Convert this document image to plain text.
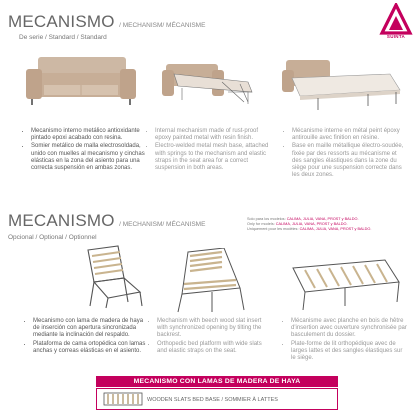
SUINTA
MECANISMO / MECHANISM/ MÉCANISME
De serie / Standard / Standard
• Mecanismo interno metálico antioxidante pintado epoxi acabado con resina.
• Somier metálico de malla electrosoldada, unido con muelles al mecanismo y cinchas elásticas en la zona del asiento para una correcta suspensión en ambas zonas.
• Internal mechanism made of rust-proof epoxy painted metal with resin finish.
• Electro-welded metal mesh base, attached with springs to the mechanism and elastic straps in the seat area for a correct suspension in both areas.
• Mécanisme interne en métal peint époxy antirouille avec finition en résine.
• Base en maille métallique électro-soudée, fixée par des ressorts au mécanisme et des sangles élastiques dans la zone du siège pour une suspension correcte dans les deux zones.
MECANISMO / MECHANISM/ MÉCANISME
Opcional / Optional / Optionnel
Solo para los modelos: CALIMA, JULIA, VANA, PROST y BALDO.
Only for models: CALIMA, JULIA, VANA, PROST y BALDO.
Uniquement pour les modèles: CALIMA, JULIA, VANA, PROST y BALDO.
• Mecanismo con lama de madera de haya de inserción con apertura sincronizada mediante la inclinación del respaldo.
• Plataforma de cama ortopédica con lamas anchas y correas elásticas en el asiento.
• Mechanism with beech wood slat insert with synchronized opening by tilting the backrest.
• Orthopedic bed platform with wide slats and elastic straps on the seat.
• Mécanisme avec planche en bois de hêtre d'insertion avec ouverture synchronisée par basculement du dossier.
• Plate-forme de lit orthopédique avec de larges lattes et des sangles élastiques sur le siège.
MECANISMO CON LAMAS DE MADERA DE HAYA
WOODEN SLATS BED BASE / SOMMIER À LATTES
